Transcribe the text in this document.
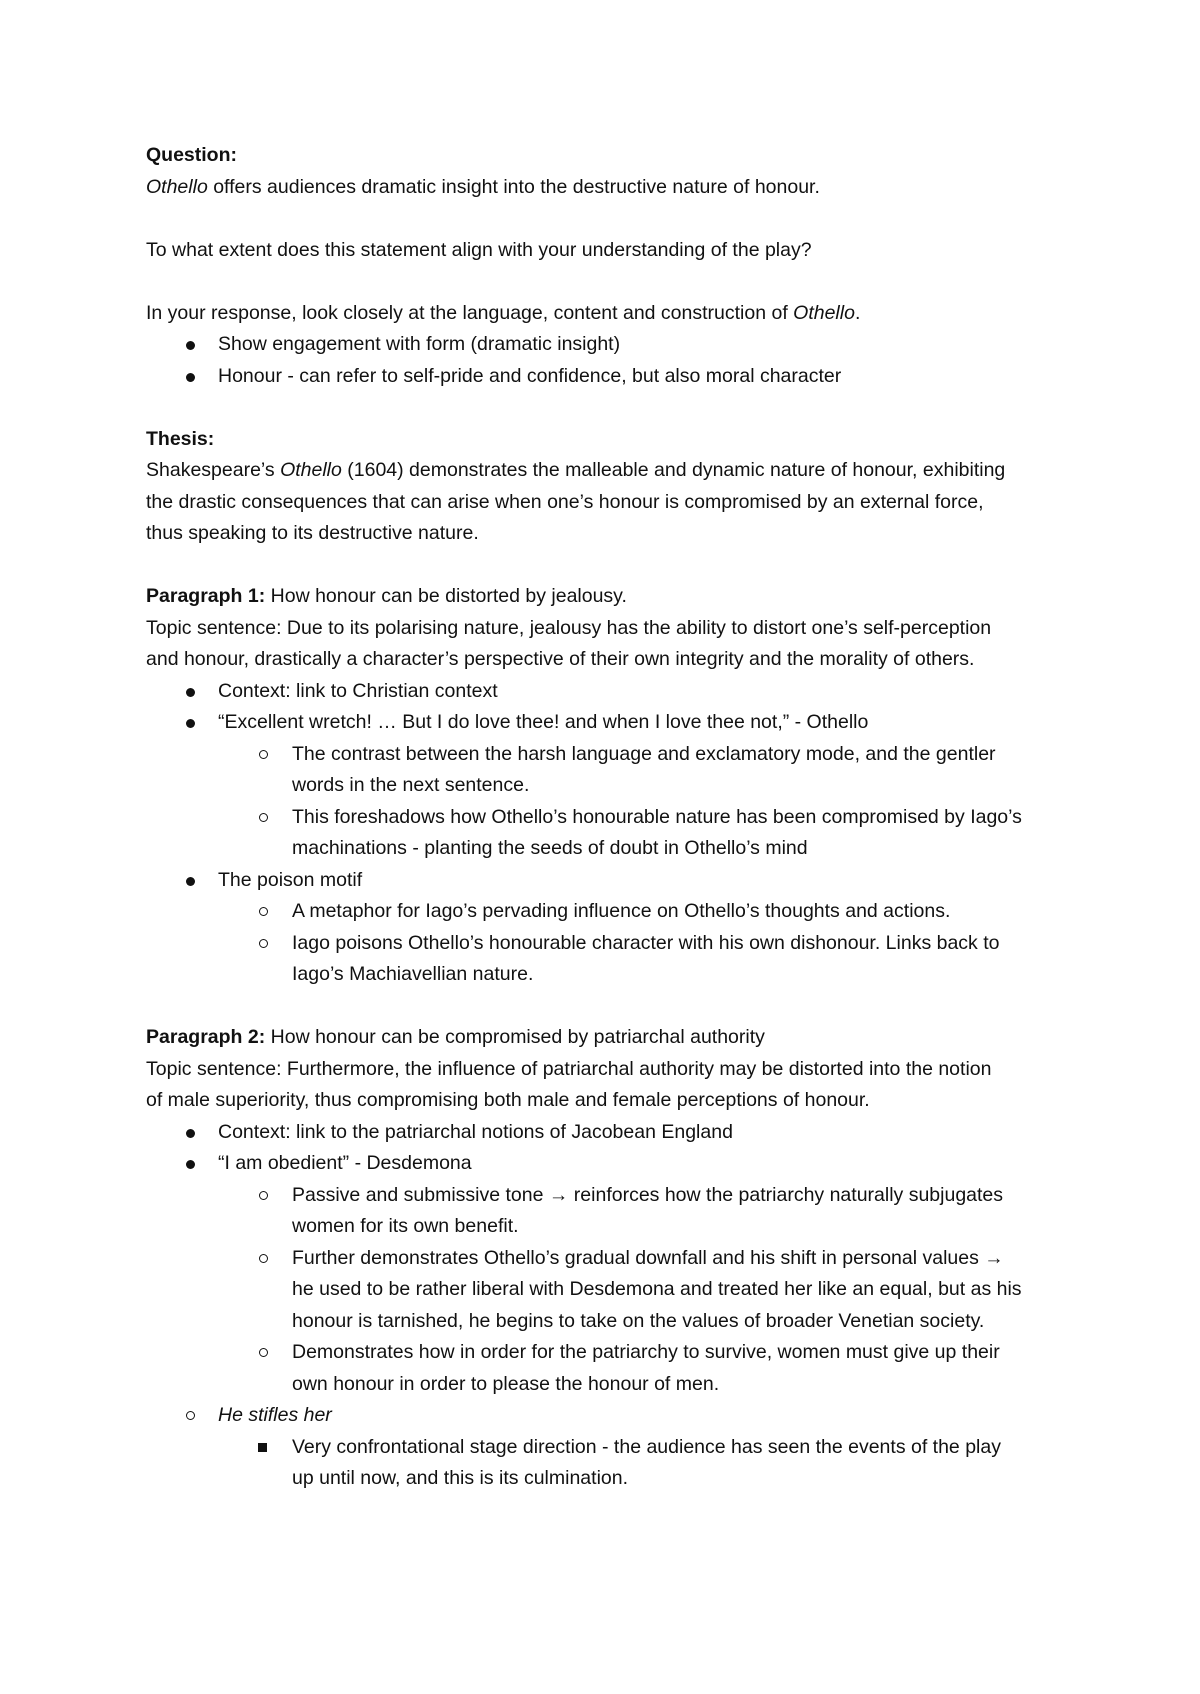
Question:
Othello offers audiences dramatic insight into the destructive nature of honour.
To what extent does this statement align with your understanding of the play?
In your response, look closely at the language, content and construction of Othello.
Show engagement with form (dramatic insight)
Honour - can refer to self-pride and confidence, but also moral character
Thesis:
Shakespeare’s Othello (1604) demonstrates the malleable and dynamic nature of honour, exhibiting
the drastic consequences that can arise when one’s honour is compromised by an external force,
thus speaking to its destructive nature.
Paragraph 1: How honour can be distorted by jealousy.
Topic sentence: Due to its polarising nature, jealousy has the ability to distort one’s self-perception
and honour, drastically a character’s perspective of their own integrity and the morality of others.
Context: link to Christian context
“Excellent wretch! … But I do love thee! and when I love thee not,” - Othello
The contrast between the harsh language and exclamatory mode, and the gentler
words in the next sentence.
This foreshadows how Othello’s honourable nature has been compromised by Iago’s
machinations - planting the seeds of doubt in Othello’s mind
The poison motif
A metaphor for Iago’s pervading influence on Othello’s thoughts and actions.
Iago poisons Othello’s honourable character with his own dishonour. Links back to
Iago’s Machiavellian nature.
Paragraph 2: How honour can be compromised by patriarchal authority
Topic sentence: Furthermore, the influence of patriarchal authority may be distorted into the notion
of male superiority, thus compromising both male and female perceptions of honour.
Context: link to the patriarchal notions of Jacobean England
“I am obedient” - Desdemona
Passive and submissive tone → reinforces how the patriarchy naturally subjugates
women for its own benefit.
Further demonstrates Othello’s gradual downfall and his shift in personal values →
he used to be rather liberal with Desdemona and treated her like an equal, but as his
honour is tarnished, he begins to take on the values of broader Venetian society.
Demonstrates how in order for the patriarchy to survive, women must give up their
own honour in order to please the honour of men.
He stifles her
Very confrontational stage direction - the audience has seen the events of the play
up until now, and this is its culmination.
